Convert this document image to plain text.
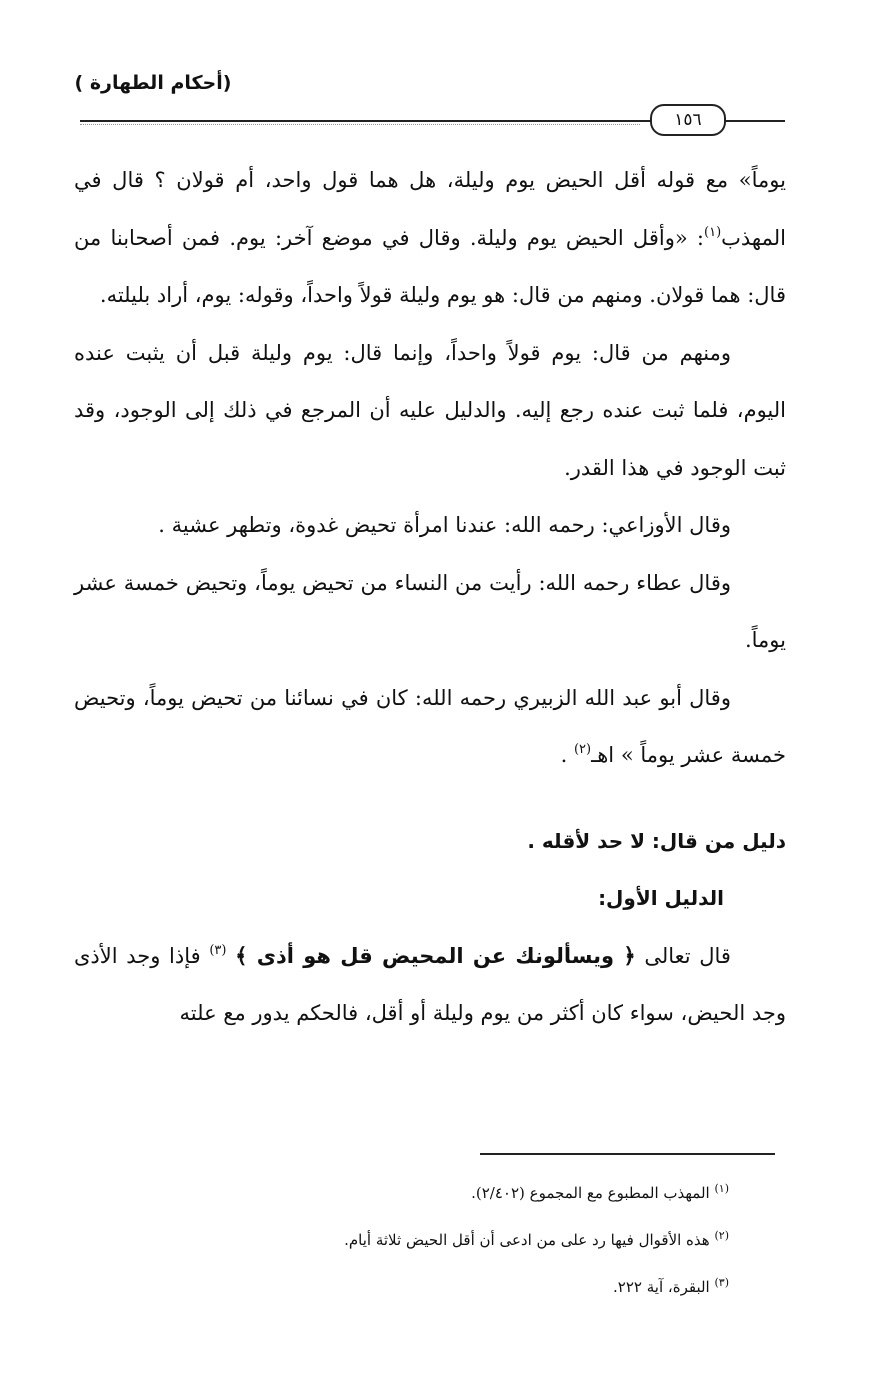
(أحكام الطهارة )
١٥٦

يوماً» مع قوله أقل الحيض يوم وليلة، هل هما قول واحد، أم قولان ؟ قال في المهذب$^{(١)}$: «وأقل الحيض يوم وليلة. وقال في موضع آخر: يوم. فمن أصحابنا من قال: هما قولان. ومنهم من قال: هو يوم وليلة قولاً واحداً، وقوله: يوم، أراد بليلته.

ومنهم من قال: يوم قولاً واحداً، وإنما قال: يوم وليلة قبل أن يثبت عنده اليوم، فلما ثبت عنده رجع إليه. والدليل عليه أن المرجع في ذلك إلى الوجود، وقد ثبت الوجود في هذا القدر.

وقال الأوزاعي: رحمه الله: عندنا امرأة تحيض غدوة، وتطهر عشية .

وقال عطاء رحمه الله: رأيت من النساء من تحيض يوماً، وتحيض خمسة عشر يوماً.

وقال أبو عبد الله الزبيري رحمه الله: كان في نسائنا من تحيض يوماً، وتحيض خمسة عشر يوماً » اهـ$^{(٢)}$ .

دليل من قال: لا حد لأقله .

الدليل الأول:

قال تعالى ﴿ ويسألونك عن المحيض قل هو أذى ﴾ $^{(٣)}$ فإذا وجد الأذى وجد الحيض، سواء كان أكثر من يوم وليلة أو أقل، فالحكم يدور مع علته

$^{(١)}$ المهذب المطبوع مع المجموع (٢/٤٠٢).

$^{(٢)}$ هذه الأقوال فيها رد على من ادعى أن أقل الحيض ثلاثة أيام.

$^{(٣)}$ البقرة، آية ٢٢٢.
